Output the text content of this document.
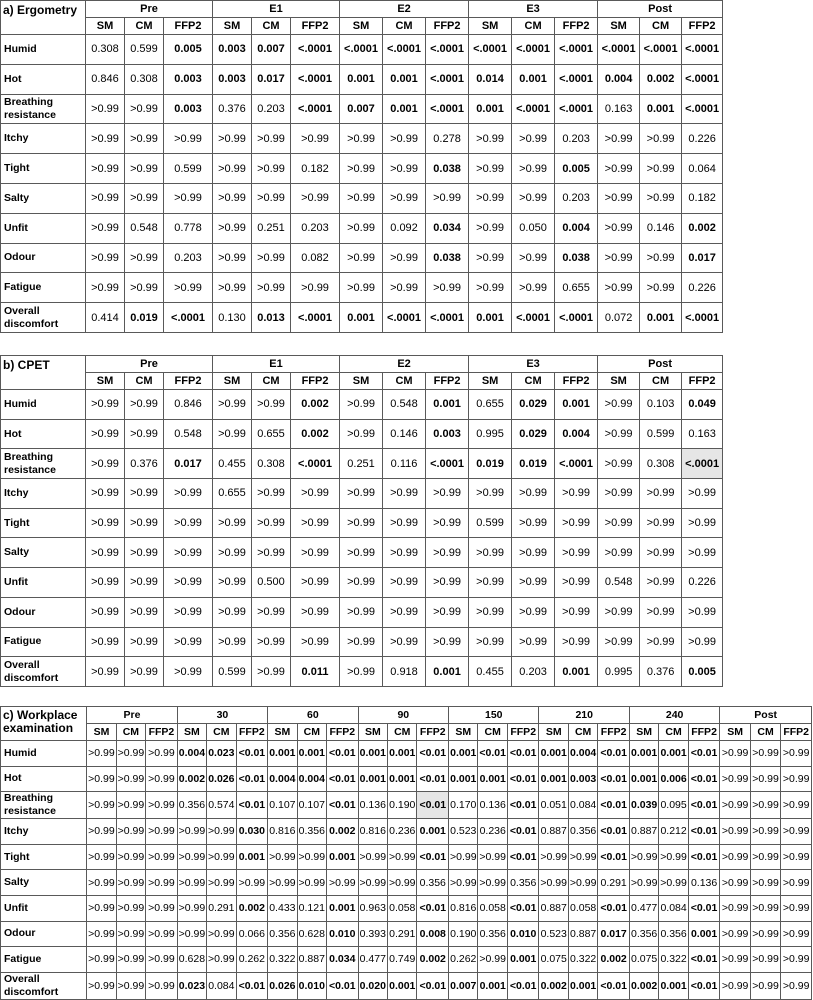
a) Ergometry	Pre			E1			E2			E3			Post		
	SM	CM	FFP2	SM	CM	FFP2	SM	CM	FFP2	SM	CM	FFP2	SM	CM	FFP2
Humid	0.308	0.599	0.005	0.003	0.007	<.0001	<.0001	<.0001	<.0001	<.0001	<.0001	<.0001	<.0001	<.0001	<.0001
Hot	0.846	0.308	0.003	0.003	0.017	<.0001	0.001	0.001	<.0001	0.014	0.001	<.0001	0.004	0.002	<.0001
Breathing resistance	>0.99	>0.99	0.003	0.376	0.203	<.0001	0.007	0.001	<.0001	0.001	<.0001	<.0001	0.163	0.001	<.0001
Itchy	>0.99	>0.99	>0.99	>0.99	>0.99	>0.99	>0.99	>0.99	0.278	>0.99	>0.99	0.203	>0.99	>0.99	0.226
Tight	>0.99	>0.99	0.599	>0.99	>0.99	0.182	>0.99	>0.99	0.038	>0.99	>0.99	0.005	>0.99	>0.99	0.064
Salty	>0.99	>0.99	>0.99	>0.99	>0.99	>0.99	>0.99	>0.99	>0.99	>0.99	>0.99	0.203	>0.99	>0.99	0.182
Unfit	>0.99	0.548	0.778	>0.99	0.251	0.203	>0.99	0.092	0.034	>0.99	0.050	0.004	>0.99	0.146	0.002
Odour	>0.99	>0.99	0.203	>0.99	>0.99	0.082	>0.99	>0.99	0.038	>0.99	>0.99	0.038	>0.99	>0.99	0.017
Fatigue	>0.99	>0.99	>0.99	>0.99	>0.99	>0.99	>0.99	>0.99	>0.99	>0.99	>0.99	0.655	>0.99	>0.99	0.226
Overall discomfort	0.414	0.019	<.0001	0.130	0.013	<.0001	0.001	<.0001	<.0001	0.001	<.0001	<.0001	0.072	0.001	<.0001
b) CPET	Pre			E1			E2			E3			Post		
	SM	CM	FFP2	SM	CM	FFP2	SM	CM	FFP2	SM	CM	FFP2	SM	CM	FFP2
Humid	>0.99	>0.99	0.846	>0.99	>0.99	0.002	>0.99	0.548	0.001	0.655	0.029	0.001	>0.99	0.103	0.049
Hot	>0.99	>0.99	0.548	>0.99	0.655	0.002	>0.99	0.146	0.003	0.995	0.029	0.004	>0.99	0.599	0.163
Breathing resistance	>0.99	0.376	0.017	0.455	0.308	<.0001	0.251	0.116	<.0001	0.019	0.019	<.0001	>0.99	0.308	<.0001
Itchy	>0.99	>0.99	>0.99	0.655	>0.99	>0.99	>0.99	>0.99	>0.99	>0.99	>0.99	>0.99	>0.99	>0.99	>0.99
Tight	>0.99	>0.99	>0.99	>0.99	>0.99	>0.99	>0.99	>0.99	>0.99	0.599	>0.99	>0.99	>0.99	>0.99	>0.99
Salty	>0.99	>0.99	>0.99	>0.99	>0.99	>0.99	>0.99	>0.99	>0.99	>0.99	>0.99	>0.99	>0.99	>0.99	>0.99
Unfit	>0.99	>0.99	>0.99	>0.99	0.500	>0.99	>0.99	>0.99	>0.99	>0.99	>0.99	>0.99	0.548	>0.99	0.226
Odour	>0.99	>0.99	>0.99	>0.99	>0.99	>0.99	>0.99	>0.99	>0.99	>0.99	>0.99	>0.99	>0.99	>0.99	>0.99
Fatigue	>0.99	>0.99	>0.99	>0.99	>0.99	>0.99	>0.99	>0.99	>0.99	>0.99	>0.99	>0.99	>0.99	>0.99	>0.99
Overall discomfort	>0.99	>0.99	>0.99	0.599	>0.99	0.011	>0.99	0.918	0.001	0.455	0.203	0.001	0.995	0.376	0.005
c) Workplace examination	Pre			30			60			90			150			210			240			Post		
	SM	CM	FFP2	SM	CM	FFP2	SM	CM	FFP2	SM	CM	FFP2	SM	CM	FFP2	SM	CM	FFP2	SM	CM	FFP2	SM	CM	FFP2
Humid	>0.99	>0.99	>0.99	0.004	0.023	<0.01	0.001	0.001	<0.01	0.001	0.001	<0.01	0.001	<0.01	<0.01	0.001	0.004	<0.01	0.001	0.001	<0.01	>0.99	>0.99	>0.99
Hot	>0.99	>0.99	>0.99	0.002	0.026	<0.01	0.004	0.004	<0.01	0.001	0.001	<0.01	0.001	0.001	<0.01	0.001	0.003	<0.01	0.001	0.006	<0.01	>0.99	>0.99	>0.99
Breathing resistance	>0.99	>0.99	>0.99	0.356	0.574	<0.01	0.107	0.107	<0.01	0.136	0.190	<0.01	0.170	0.136	<0.01	0.051	0.084	<0.01	0.039	0.095	<0.01	>0.99	>0.99	>0.99
Itchy	>0.99	>0.99	>0.99	>0.99	>0.99	0.030	0.816	0.356	0.002	0.816	0.236	0.001	0.523	0.236	<0.01	0.887	0.356	<0.01	0.887	0.212	<0.01	>0.99	>0.99	>0.99
Tight	>0.99	>0.99	>0.99	>0.99	>0.99	0.001	>0.99	>0.99	0.001	>0.99	>0.99	<0.01	>0.99	>0.99	<0.01	>0.99	>0.99	<0.01	>0.99	>0.99	<0.01	>0.99	>0.99	>0.99
Salty	>0.99	>0.99	>0.99	>0.99	>0.99	>0.99	>0.99	>0.99	>0.99	>0.99	>0.99	0.356	>0.99	>0.99	0.356	>0.99	>0.99	0.291	>0.99	>0.99	0.136	>0.99	>0.99	>0.99
Unfit	>0.99	>0.99	>0.99	>0.99	0.291	0.002	0.433	0.121	0.001	0.963	0.058	<0.01	0.816	0.058	<0.01	0.887	0.058	<0.01	0.477	0.084	<0.01	>0.99	>0.99	>0.99
Odour	>0.99	>0.99	>0.99	>0.99	>0.99	0.066	0.356	0.628	0.010	0.393	0.291	0.008	0.190	0.356	0.010	0.523	0.887	0.017	0.356	0.356	0.001	>0.99	>0.99	>0.99
Fatigue	>0.99	>0.99	>0.99	0.628	>0.99	0.262	0.322	0.887	0.034	0.477	0.749	0.002	0.262	>0.99	0.001	0.075	0.322	0.002	0.075	0.322	<0.01	>0.99	>0.99	>0.99
Overall discomfort	>0.99	>0.99	>0.99	0.023	0.084	<0.01	0.026	0.010	<0.01	0.020	0.001	<0.01	0.007	0.001	<0.01	0.002	0.001	<0.01	0.002	0.001	<0.01	>0.99	>0.99	>0.99
